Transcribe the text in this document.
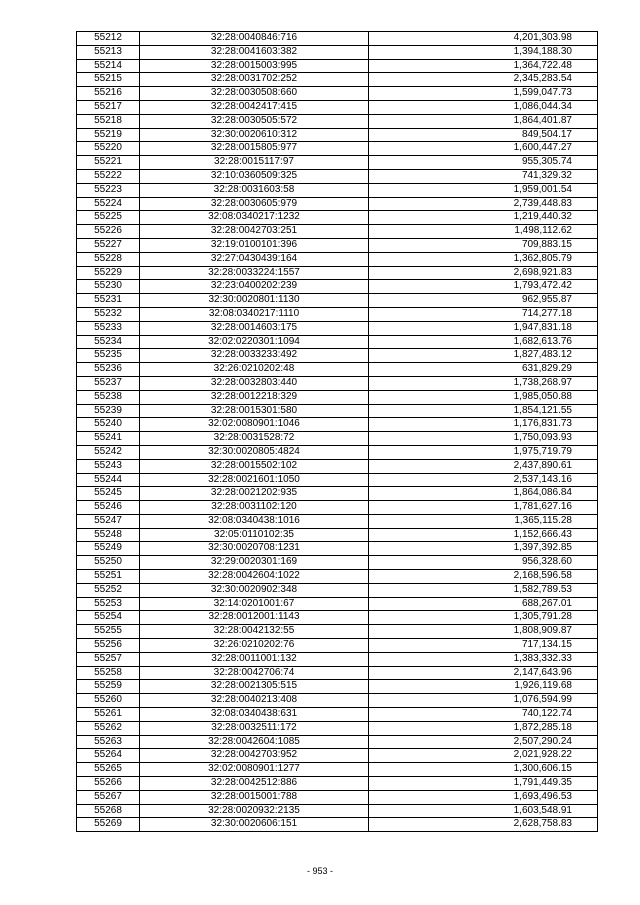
55212	32:28:0040846:716	4,201,303.98
55213	32:28:0041603:382	1,394,188.30
55214	32:28:0015003:995	1,364,722.48
55215	32:28:0031702:252	2,345,283.54
55216	32:28:0030508:660	1,599,047.73
55217	32:28:0042417:415	1,086,044.34
55218	32:28:0030505:572	1,864,401.87
55219	32:30:0020610:312	849,504.17
55220	32:28:0015805:977	1,600,447.27
55221	32:28:0015117:97	955,305.74
55222	32:10:0360509:325	741,329.32
55223	32:28:0031603:58	1,959,001.54
55224	32:28:0030605:979	2,739,448.83
55225	32:08:0340217:1232	1,219,440.32
55226	32:28:0042703:251	1,498,112.62
55227	32:19:0100101:396	709,883.15
55228	32:27:0430439:164	1,362,805.79
55229	32:28:0033224:1557	2,698,921.83
55230	32:23:0400202:239	1,793,472.42
55231	32:30:0020801:1130	962,955.87
55232	32:08:0340217:1110	714,277.18
55233	32:28:0014603:175	1,947,831.18
55234	32:02:0220301:1094	1,682,613.76
55235	32:28:0033233:492	1,827,483.12
55236	32:26:0210202:48	631,829.29
55237	32:28:0032803:440	1,738,268.97
55238	32:28:0012218:329	1,985,050.88
55239	32:28:0015301:580	1,854,121.55
55240	32:02:0080901:1046	1,176,831.73
55241	32:28:0031528:72	1,750,093.93
55242	32:30:0020805:4824	1,975,719.79
55243	32:28:0015502:102	2,437,890.61
55244	32:28:0021601:1050	2,537,143.16
55245	32:28:0021202:935	1,864,086.84
55246	32:28:0031102:120	1,781,627.16
55247	32:08:0340438:1016	1,365,115.28
55248	32:05:0110102:35	1,152,666.43
55249	32:30:0020708:1231	1,397,392.85
55250	32:29:0020301:169	956,328.60
55251	32:28:0042604:1022	2,168,596.58
55252	32:30:0020902:348	1,582,789.53
55253	32:14:0201001:67	688,267.01
55254	32:28:0012001:1143	1,305,791.28
55255	32:28:0042132:55	1,808,909.87
55256	32:26:0210202:76	717,134.15
55257	32:28:0011001:132	1,383,332.33
55258	32:28:0042706:74	2,147,643.96
55259	32:28:0021305:515	1,926,119.68
55260	32:28:0040213:408	1,076,594.99
55261	32:08:0340438:631	740,122.74
55262	32:28:0032511:172	1,872,285.18
55263	32:28:0042604:1085	2,507,290.24
55264	32:28:0042703:952	2,021,928.22
55265	32:02:0080901:1277	1,300,606.15
55266	32:28:0042512:886	1,791,449.35
55267	32:28:0015001:788	1,693,496.53
55268	32:28:0020932:2135	1,603,548.91
55269	32:30:0020606:151	2,628,758.83
- 953 -
